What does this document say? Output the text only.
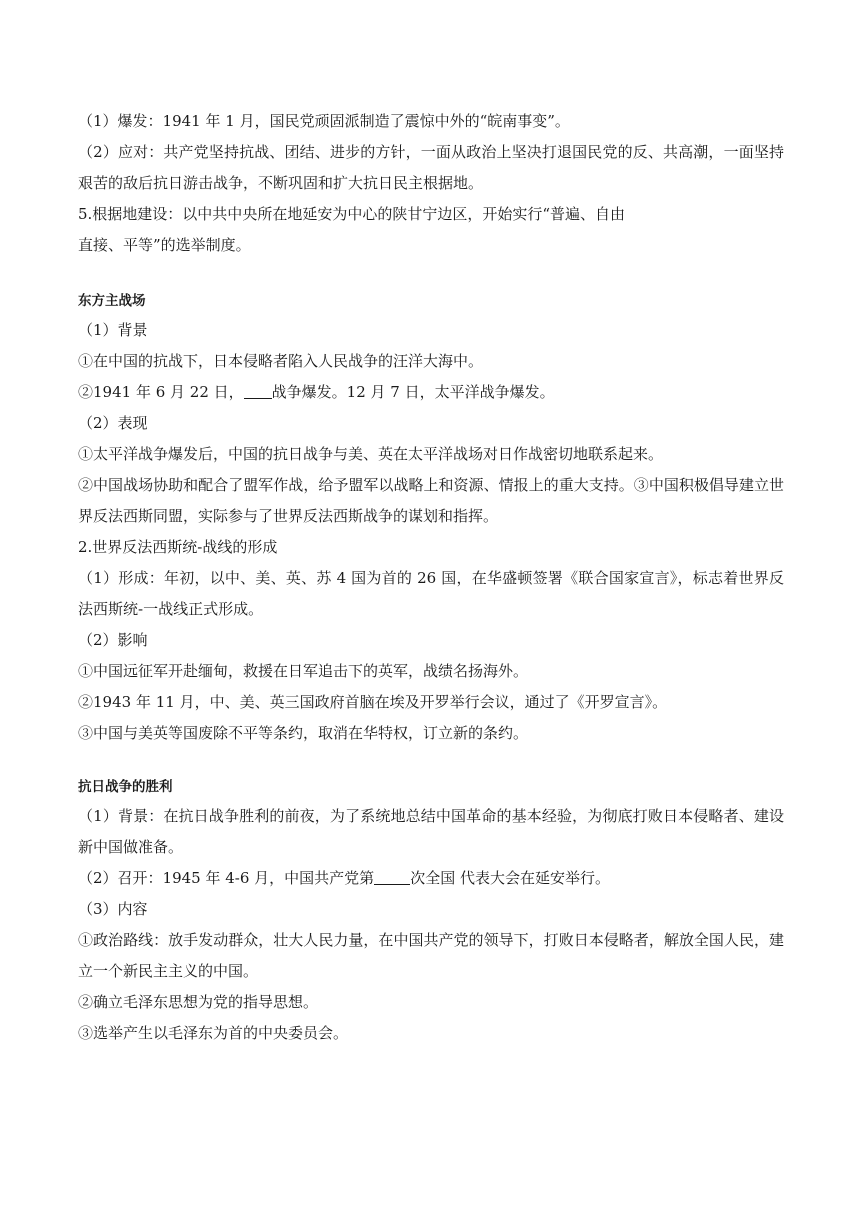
（1）爆发：1941 年 1 月，国民党顽固派制造了震惊中外的“皖南事变”。

（2）应对：共产党坚持抗战、团结、进步的方针，一面从政治上坚决打退国民党的反、共高潮，一面坚持艰苦的敌后抗日游击战争，不断巩固和扩大抗日民主根据地。

5.根据地建设：以中共中央所在地延安为中心的陕甘宁边区，开始实行“普遍、自由

直接、平等”的选举制度。

东方主战场

（1）背景

①在中国的抗战下，日本侵略者陷入人民战争的汪洋大海中。

②1941 年 6 月 22 日， 战争爆发。12 月 7 日，太平洋战争爆发。

（2）表现

①太平洋战争爆发后，中国的抗日战争与美、英在太平洋战场对日作战密切地联系起来。

②中国战场协助和配合了盟军作战，给予盟军以战略上和资源、情报上的重大支持。③中国积极倡导建立世界反法西斯同盟，实际参与了世界反法西斯战争的谋划和指挥。

2.世界反法西斯统-战线的形成

（1）形成：年初，以中、美、英、苏 4 国为首的 26 国，在华盛顿签署《联合国家宣言》，标志着世界反法西斯统-一战线正式形成。

（2）影响

①中国远征军开赴缅甸，救援在日军追击下的英军，战绩名扬海外。

②1943 年 11 月，中、美、英三国政府首脑在埃及开罗举行会议，通过了《开罗宣言》。

③中国与美英等国废除不平等条约，取消在华特权，订立新的条约。

抗日战争的胜利

（1）背景：在抗日战争胜利的前夜，为了系统地总结中国革命的基本经验，为彻底打败日本侵略者、建设新中国做准备。

（2）召开：1945 年 4-6 月，中国共产党第 次全国 代表大会在延安举行。

（3）内容

①政治路线：放手发动群众，壮大人民力量，在中国共产党的领导下，打败日本侵略者，解放全国人民，建立一个新民主主义的中国。

②确立毛泽东思想为党的指导思想。

③选举产生以毛泽东为首的中央委员会。
